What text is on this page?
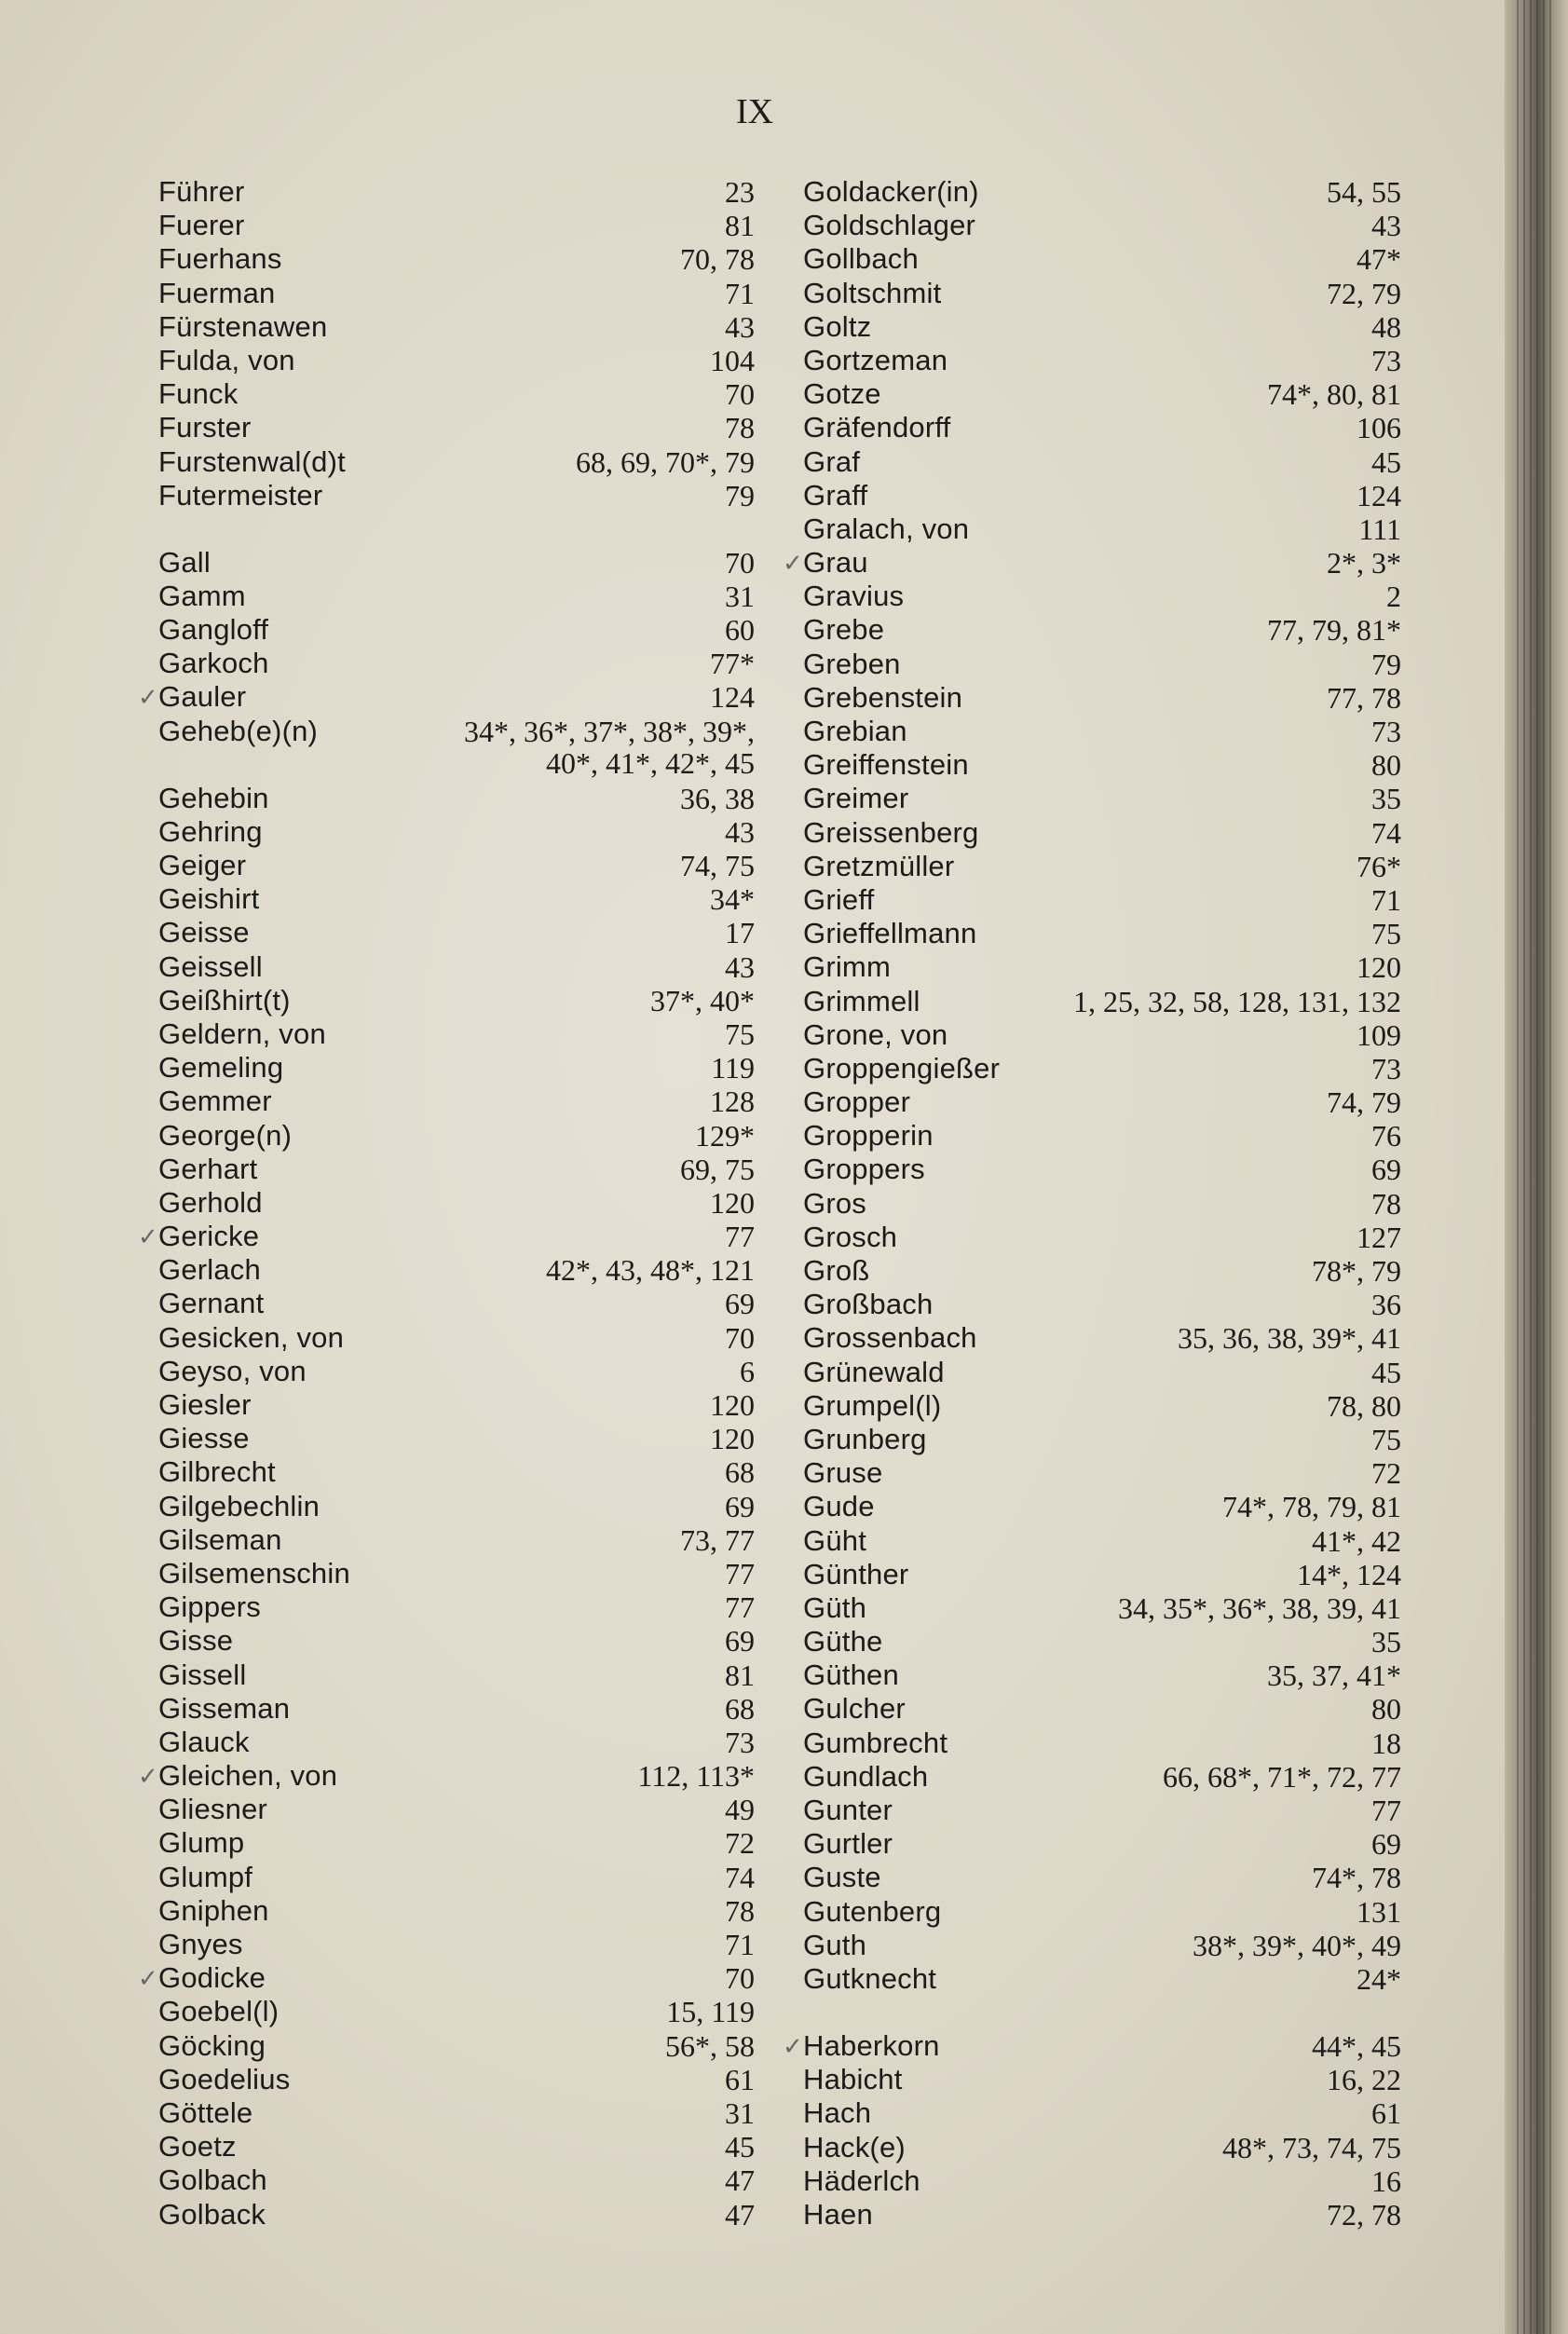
IX
Führer	23
Fuerer	81
Fuerhans	70, 78
Fuerman	71
Fürstenawen	43
Fulda, von	104
Funck	70
Furster	78
Furstenwal(d)t	68, 69, 70*, 79
Futermeister	79
Gall	70
Gamm	31
Gangloff	60
Garkoch	77*
✓ Gauler	124
Geheb(e)(n)	34*, 36*, 37*, 38*, 39*,
40*, 41*, 42*, 45
Gehebin	36, 38
Gehring	43
Geiger	74, 75
Geishirt	34*
Geisse	17
Geissell	43
Geißhirt(t)	37*, 40*
Geldern, von	75
Gemeling	119
Gemmer	128
George(n)	129*
Gerhart	69, 75
Gerhold	120
✓ Gericke	77
Gerlach	42*, 43, 48*, 121
Gernant	69
Gesicken, von	70
Geyso, von	6
Giesler	120
Giesse	120
Gilbrecht	68
Gilgebechlin	69
Gilseman	73, 77
Gilsemenschin	77
Gippers	77
Gisse	69
Gissell	81
Gisseman	68
Glauck	73
✓ Gleichen, von	112, 113*
Gliesner	49
Glump	72
Glumpf	74
Gniphen	78
Gnyes	71
✓ Godicke	70
Goebel(l)	15, 119
Göcking	56*, 58
Goedelius	61
Göttele	31
Goetz	45
Golbach	47
Golback	47
Goldacker(in)	54, 55
Goldschlager	43
Gollbach	47*
Goltschmit	72, 79
Goltz	48
Gortzeman	73
Gotze	74*, 80, 81
Gräfendorff	106
Graf	45
Graff	124
Gralach, von	111
✓ Grau	2*, 3*
Gravius	2
Grebe	77, 79, 81*
Greben	79
Grebenstein	77, 78
Grebian	73
Greiffenstein	80
Greimer	35
Greissenberg	74
Gretzmüller	76*
Grieff	71
Grieffellmann	75
Grimm	120
Grimmell	1, 25, 32, 58, 128, 131, 132
Grone, von	109
Groppengießer	73
Gropper	74, 79
Gropperin	76
Groppers	69
Gros	78
Grosch	127
Groß	78*, 79
Großbach	36
Grossenbach	35, 36, 38, 39*, 41
Grünewald	45
Grumpel(l)	78, 80
Grunberg	75
Gruse	72
Gude	74*, 78, 79, 81
Güht	41*, 42
Günther	14*, 124
Güth	34, 35*, 36*, 38, 39, 41
Güthe	35
Güthen	35, 37, 41*
Gulcher	80
Gumbrecht	18
Gundlach	66, 68*, 71*, 72, 77
Gunter	77
Gurtler	69
Guste	74*, 78
Gutenberg	131
Guth	38*, 39*, 40*, 49
Gutknecht	24*
✓ Haberkorn	44*, 45
Habicht	16, 22
Hach	61
Hack(e)	48*, 73, 74, 75
Häderlch	16
Haen	72, 78
